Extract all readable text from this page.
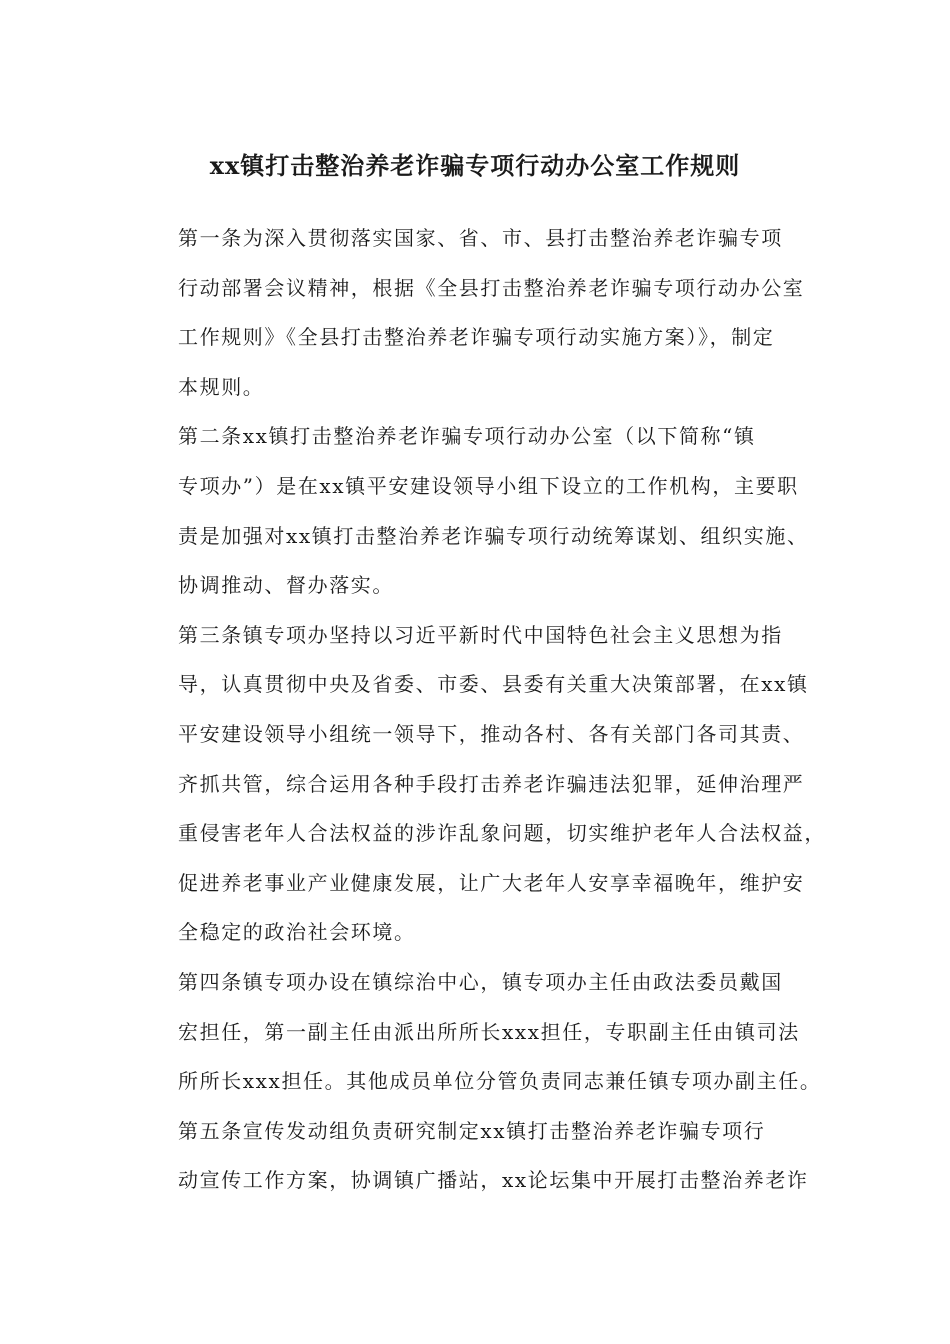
xx镇打击整治养老诈骗专项行动办公室工作规则

第一条为深入贯彻落实国家、省、市、县打击整治养老诈骗专项
行动部署会议精神，根据《全县打击整治养老诈骗专项行动办公室
工作规则》《全县打击整治养老诈骗专项行动实施方案）》，制定
本规则。

第二条xx镇打击整治养老诈骗专项行动办公室（以下简称“镇
专项办”）是在xx镇平安建设领导小组下设立的工作机构，主要职
责是加强对xx镇打击整治养老诈骗专项行动统筹谋划、组织实施、
协调推动、督办落实。

第三条镇专项办坚持以习近平新时代中国特色社会主义思想为指
导，认真贯彻中央及省委、市委、县委有关重大决策部署，在xx镇
平安建设领导小组统一领导下，推动各村、各有关部门各司其责、
齐抓共管，综合运用各种手段打击养老诈骗违法犯罪，延伸治理严
重侵害老年人合法权益的涉诈乱象问题，切实维护老年人合法权益，
促进养老事业产业健康发展，让广大老年人安享幸福晚年，维护安
全稳定的政治社会环境。

第四条镇专项办设在镇综治中心，镇专项办主任由政法委员戴国
宏担任，第一副主任由派出所所长xxx担任，专职副主任由镇司法
所所长xxx担任。其他成员单位分管负责同志兼任镇专项办副主任。

第五条宣传发动组负责研究制定xx镇打击整治养老诈骗专项行
动宣传工作方案，协调镇广播站，xx论坛集中开展打击整治养老诈
